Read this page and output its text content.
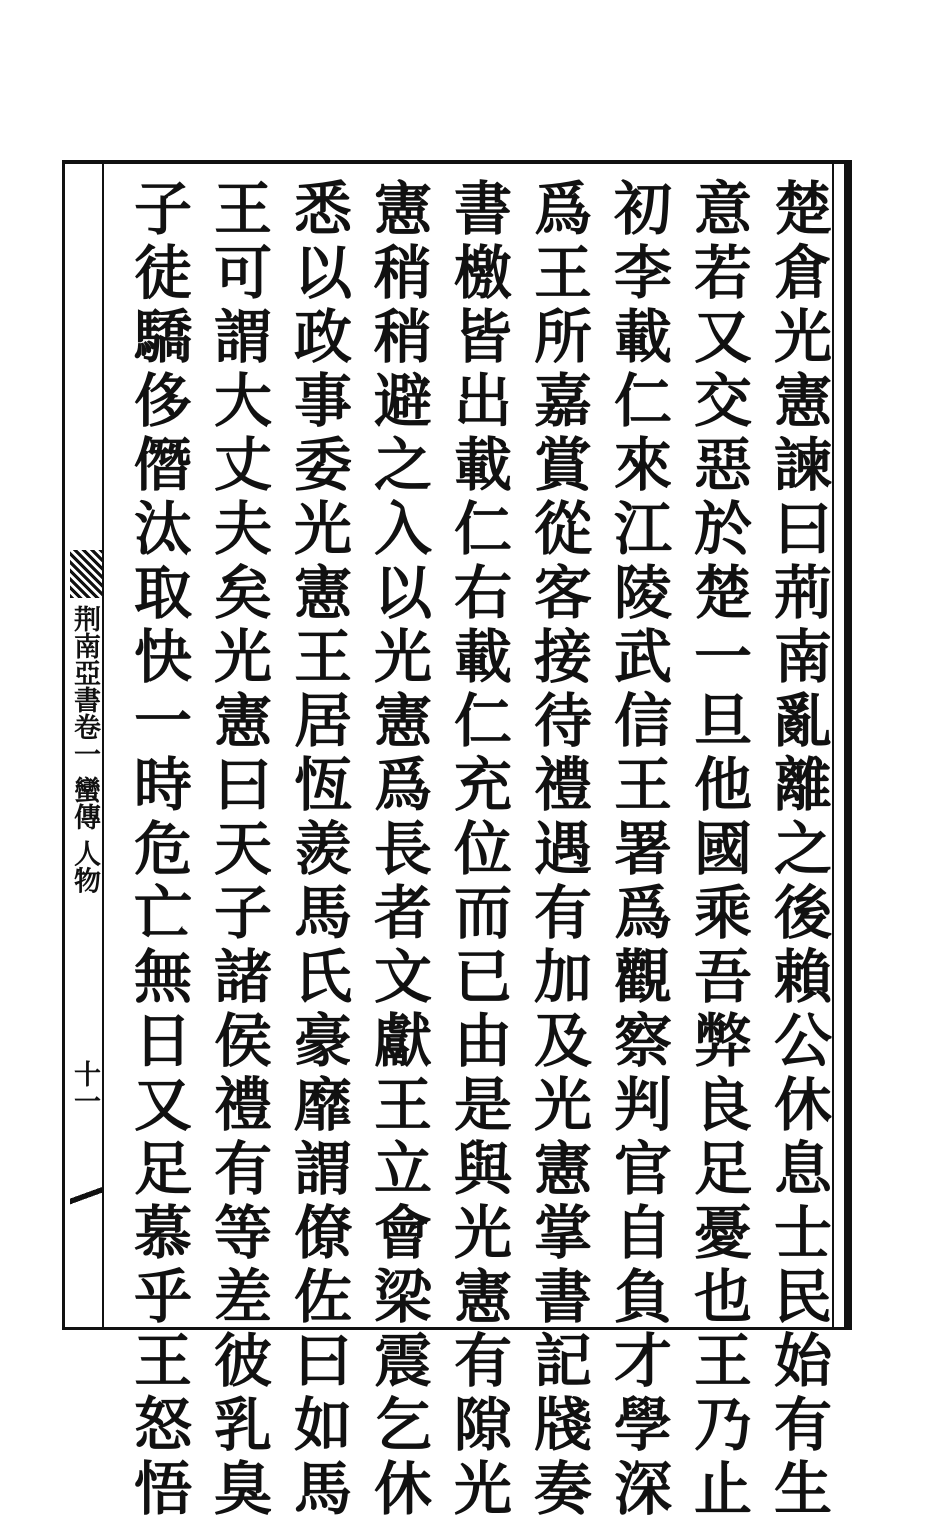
荆南亞書卷一 蠻傳 人物
十一	楚倉光憲諫曰荊南亂離之後賴公休息士民始有生
意若又交惡於楚一旦他國乘吾弊良足憂也王乃止
初李載仁來江陵武信王署爲觀察判官自負才學深
爲王所嘉賞從客接待禮遇有加及光憲掌書記牋奏
書檄皆出載仁右載仁充位而已由是與光憲有隙光
憲稍稍避之入以光憲爲長者文獻王立會梁震乞休
悉以政事委光憲王居恆羨馬氏豪靡謂僚佐曰如馬
王可謂大丈夫矣光憲曰天子諸侯禮有等差彼乳臭
子徒驕侈僭汰取快一時危亡無日又足慕乎王怒悟
